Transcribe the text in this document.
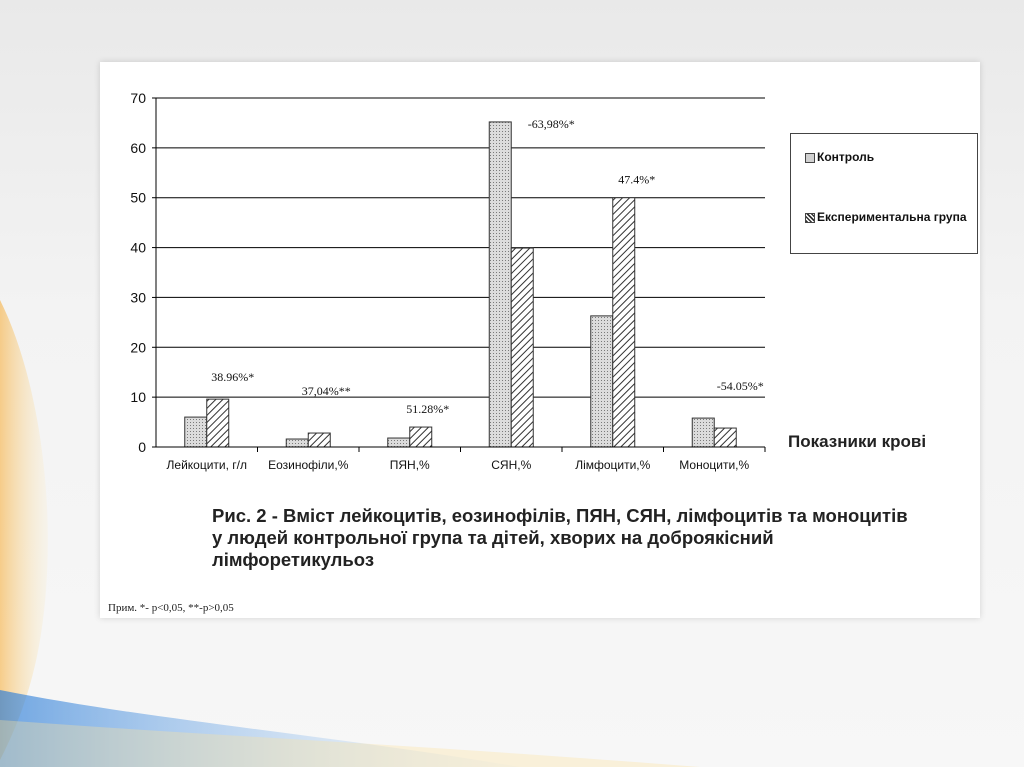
0
10
20
30
40
50
60
70
Лейкоцити, г/л
38.96%*
Еозинофіли,%
37,04%**
ПЯН,%
51.28%*
СЯН,%
-63,98%*
Лімфоцити,%
47.4%*
Моноцити,%
-54.05%*
Контроль
Експериментальна група
Показники крові
Рис. 2 - Вміст лейкоцитів, еозинофілів, ПЯН, СЯН, лімфоцитів та моноцитів у людей контрольної група та дітей, хворих на доброякісний лімфоретикульоз
Прим. *- р<0,05, **-р>0,05
